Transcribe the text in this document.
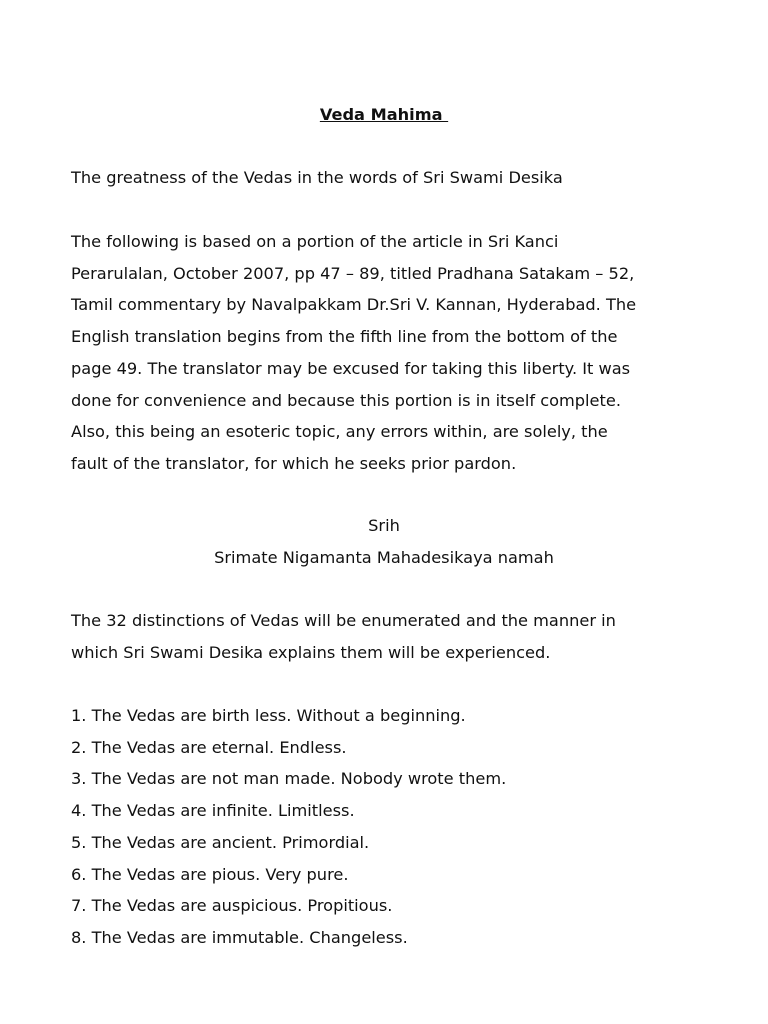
Veda Mahima

The greatness of the Vedas in the words of Sri Swami Desika

The following is based on a portion of the article in Sri Kanci
Perarulalan, October 2007, pp 47 – 89, titled Pradhana Satakam – 52,
Tamil commentary by Navalpakkam Dr.Sri V. Kannan, Hyderabad. The
English translation begins from the fifth line from the bottom of the
page 49. The translator may be excused for taking this liberty. It was
done for convenience and because this portion is in itself complete.
Also, this being an esoteric topic, any errors within, are solely, the
fault of the translator, for which he seeks prior pardon.
Srih
Srimate Nigamanta Mahadesikaya namah
The 32 distinctions of Vedas will be enumerated and the manner in
which Sri Swami Desika explains them will be experienced.
1. The Vedas are birth less. Without a beginning.
2. The Vedas are eternal. Endless.
3. The Vedas are not man made. Nobody wrote them.
4. The Vedas are infinite. Limitless.
5. The Vedas are ancient. Primordial.
6. The Vedas are pious. Very pure.
7. The Vedas are auspicious. Propitious.
8. The Vedas are immutable. Changeless.
